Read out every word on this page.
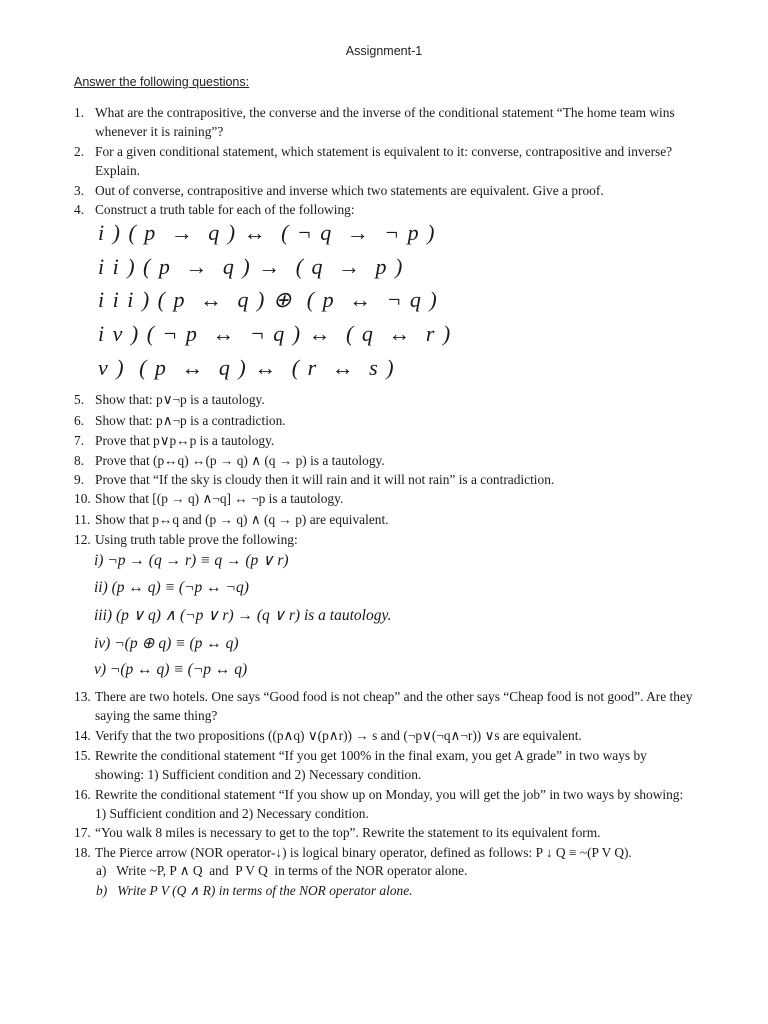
Assignment-1
Answer the following questions:
1. What are the contrapositive, the converse and the inverse of the conditional statement “The home team wins whenever it is raining”?
2. For a given conditional statement, which statement is equivalent to it: converse, contrapositive and inverse? Explain.
3. Out of converse, contrapositive and inverse which two statements are equivalent. Give a proof.
4. Construct a truth table for each of the following:
i ) ( p  →  q ) ↔  ( ¬ q  →  ¬ p )
i i ) ( p  →  q ) →  ( q  →  p )
i i i ) ( p  ↔  q ) ⊕  ( p  ↔  ¬ q )
i v ) ( ¬ p  ↔  ¬ q ) ↔  ( q  ↔  r )
v )  ( p  ↔  q ) ↔  ( r  ↔  s )
5. Show that: p∨¬p is a tautology.
6. Show that: p∧¬p is a contradiction.
7. Prove that p∨p↔p is a tautology.
8. Prove that (p↔q) ↔(p → q) ∧ (q → p) is a tautology.
9. Prove that “If the sky is cloudy then it will rain and it will not rain” is a contradiction.
10. Show that [(p → q) ∧¬q] ↔ ¬p is a tautology.
11. Show that p↔q and (p → q) ∧ (q → p) are equivalent.
12. Using truth table prove the following:
i) ¬p → (q → r) ≡ q → (p ∨ r)
ii) (p ↔ q) ≡ (¬p ↔ ¬q)
iii) (p ∨ q) ∧ (¬p ∨ r) → (q ∨ r) is a tautology.
iv) ¬(p ⊕ q) ≡ (p ↔ q)
v) ¬(p ↔ q) ≡ (¬p ↔ q)
13. There are two hotels. One says “Good food is not cheap” and the other says “Cheap food is not good”. Are they saying the same thing?
14. Verify that the two propositions ((p∧q) ∨(p∧r)) → s and (¬p∨(¬q∧¬r)) ∨s are equivalent.
15. Rewrite the conditional statement “If you get 100% in the final exam, you get A grade” in two ways by showing: 1) Sufficient condition and 2) Necessary condition.
16. Rewrite the conditional statement “If you show up on Monday, you will get the job” in two ways by showing: 1) Sufficient condition and 2) Necessary condition.
17. “You walk 8 miles is necessary to get to the top”. Rewrite the statement to its equivalent form.
18. The Pierce arrow (NOR operator-↓) is logical binary operator, defined as follows: P ↓ Q ≡ ~(P V Q).
a)   Write ~P, P ∧ Q  and  P V Q  in terms of the NOR operator alone.
b)   Write P V (Q ∧ R) in terms of the NOR operator alone.
